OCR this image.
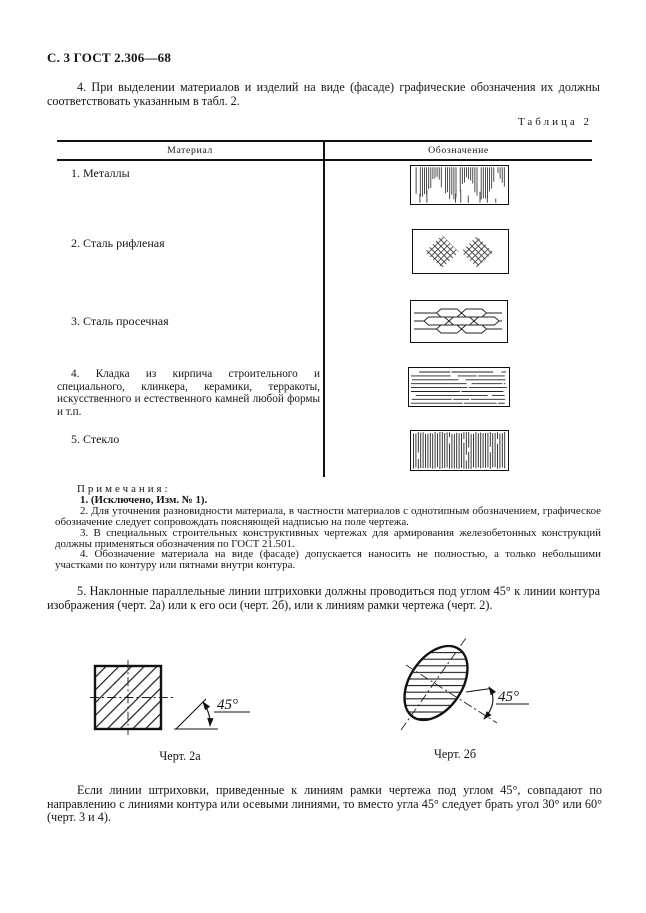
С. 3 ГОСТ 2.306—68
4. При выделении материалов и изделий на виде (фасаде) графические обозначения их должны соответствовать указанным в табл. 2.
Таблица 2
Материал	Обозначение
1. Металлы
2. Сталь рифленая
3. Сталь просечная
4. Кладка из кирпича строительного и специального, клинкера, керамики, терракоты, искусственного и естественного камней любой формы и т.п.
5. Стекло
Примечания:
1. (Исключено, Изм. № 1).
2. Для уточнения разновидности материала, в частности материалов с однотипным обозначением, графическое обозначение следует сопровождать поясняющей надписью на поле чертежа.
3. В специальных строительных конструктивных чертежах для армирования железобетонных конструкций должны применяться обозначения по ГОСТ 21.501.
4. Обозначение материала на виде (фасаде) допускается наносить не полностью, а только небольшими участками по контуру или пятнами внутри контура.
5. Наклонные параллельные линии штриховки должны проводиться под углом 45° к линии контура изображения (черт. 2а) или к его оси (черт. 2б), или к линиям рамки чертежа (черт. 2).
45°
Черт. 2а
45°
Черт. 2б
Если линии штриховки, приведенные к линиям рамки чертежа под углом 45°, совпадают по направлению с линиями контура или осевыми линиями, то вместо угла 45° следует брать угол 30° или 60° (черт. 3 и 4).
